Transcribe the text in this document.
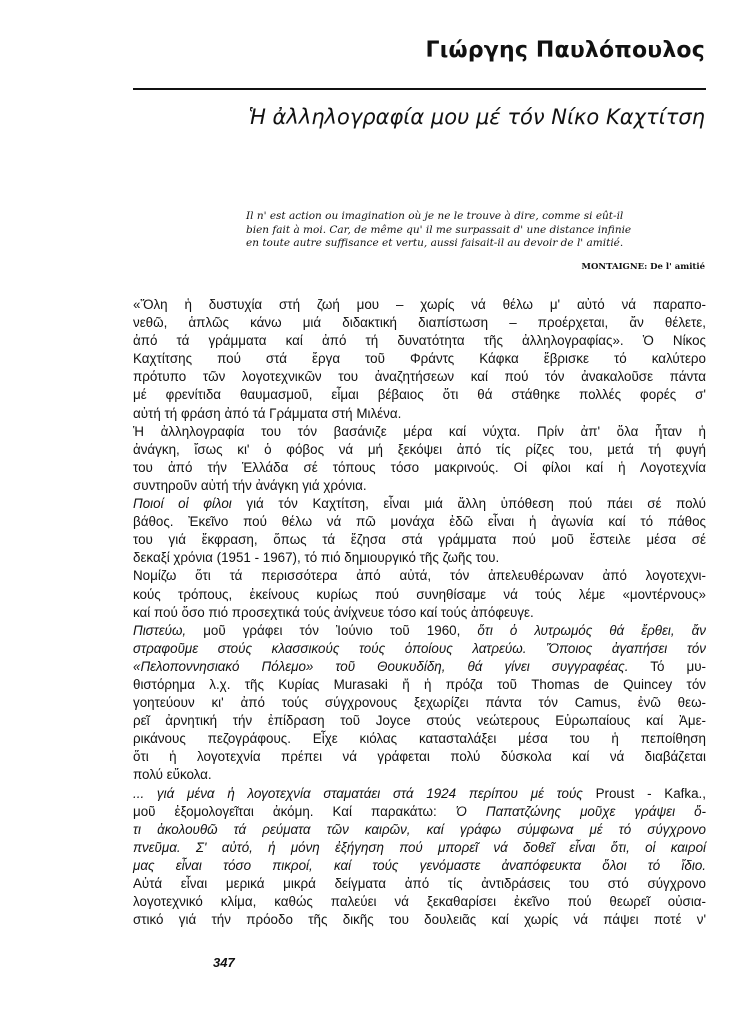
Γιώργης Παυλόπουλος
Ἡ ἀλληλογραφία μου μέ τόν Νίκο Καχτίτση
Il n' est action ou imagination où je ne le trouve à dire, comme si eût-il
bien fait à moi. Car, de même qu' il me surpassait d' une distance infinie
en toute autre suffisance et vertu, aussi faisait-il au devoir de l' amitié.
MONTAIGNE: De l' amitié
«Ὅλη ἡ δυστυχία στή ζωή μου – χωρίς νά θέλω μ' αὐτό νά παραπο-
νεθῶ, ἁπλῶς κάνω μιά διδακτική διαπίστωση – προέρχεται, ἄν θέλετε,
ἀπό τά γράμματα καί ἀπό τή δυνατότητα τῆς ἀλληλογραφίας». Ὁ Νίκος
Καχτίτσης πού στά ἔργα τοῦ Φράντς Κάφκα ἔβρισκε τό καλύτερο
πρότυπο τῶν λογοτεχνικῶν του ἀναζητήσεων καί πού τόν ἀνακαλοῦσε πάντα
μέ φρενίτιδα θαυμασμοῦ, εἶμαι βέβαιος ὅτι θά στάθηκε πολλές φορές σ'
αὐτή τή φράση ἀπό τά Γράμματα στή Μιλένα.
Ἡ ἀλληλογραφία του τόν βασάνιζε μέρα καί νύχτα. Πρίν ἀπ' ὅλα ἦταν ἡ
ἀνάγκη, ἴσως κι' ὁ φόβος νά μή ξεκόψει ἀπό τίς ρίζες του, μετά τή φυγή
του ἀπό τήν Ἑλλάδα σέ τόπους τόσο μακρινούς. Οἱ φίλοι καί ἡ Λογοτεχνία
συντηροῦν αὐτή τήν ἀνάγκη γιά χρόνια.
Ποιοί οἱ φίλοι γιά τόν Καχτίτση, εἶναι μιά ἄλλη ὑπόθεση πού πάει σέ πολύ
βάθος. Ἐκεῖνο πού θέλω νά πῶ μονάχα ἐδῶ εἶναι ἡ ἀγωνία καί τό πάθος
του γιά ἔκφραση, ὅπως τά ἔζησα στά γράμματα πού μοῦ ἔστειλε μέσα σέ
δεκαξί χρόνια (1951 - 1967), τό πιό δημιουργικό τῆς ζωῆς του.
Νομίζω ὅτι τά περισσότερα ἀπό αὐτά, τόν ἀπελευθέρωναν ἀπό λογοτεχνι-
κούς τρόπους, ἐκείνους κυρίως πού συνηθίσαμε νά τούς λέμε «μοντέρνους»
καί πού ὅσο πιό προσεχτικά τούς ἀνίχνευε τόσο καί τούς ἀπόφευγε.
Πιστεύω, μοῦ γράφει τόν Ἰούνιο τοῦ 1960, ὅτι ὁ λυτρωμός θά ἔρθει, ἄν
στραφοῦμε στούς κλασσικούς τούς ὁποίους λατρεύω. Ὅποιος ἀγαπήσει τόν
«Πελοποννησιακό Πόλεμο» τοῦ Θουκυδίδη, θά γίνει συγγραφέας. Τό μυ-
θιστόρημα λ.χ. τῆς Κυρίας Murasaki ἤ ἡ πρόζα τοῦ Thomas de Quincey τόν
γοητεύουν κι' ἀπό τούς σύγχρονους ξεχωρίζει πάντα τόν Camus, ἐνῶ θεω-
ρεῖ ἀρνητική τήν ἐπίδραση τοῦ Joyce στούς νεώτερους Εὐρωπαίους καί Ἀμε-
ρικάνους πεζογράφους. Εἶχε κιόλας κατασταλάξει μέσα του ἡ πεποίθηση
ὅτι ἡ λογοτεχνία πρέπει νά γράφεται πολύ δύσκολα καί νά διαβάζεται
πολύ εὔκολα.
... γιά μένα ἡ λογοτεχνία σταματάει στά 1924 περίπου μέ τούς Proust - Kafka.,
μοῦ ἐξομολογεῖται ἀκόμη. Καί παρακάτω: Ὁ Παπατζώνης μοῦχε γράψει ὅ-
τι ἀκολουθῶ τά ρεύματα τῶν καιρῶν, καί γράφω σύμφωνα μέ τό σύγχρονο
πνεῦμα. Σ' αὐτό, ἡ μόνη ἐξήγηση πού μπορεῖ νά δοθεῖ εἶναι ὅτι, οἱ καιροί
μας εἶναι τόσο πικροί, καί τούς γενόμαστε ἀναπόφευκτα ὅλοι τό ἴδιο.
Αὐτά εἶναι μερικά μικρά δείγματα ἀπό τίς ἀντιδράσεις του στό σύγχρονο
λογοτεχνικό κλίμα, καθώς παλεύει νά ξεκαθαρίσει ἐκεῖνο πού θεωρεῖ οὐσια-
στικό γιά τήν πρόοδο τῆς δικῆς του δουλειᾶς καί χωρίς νά πάψει ποτέ ν'
347
